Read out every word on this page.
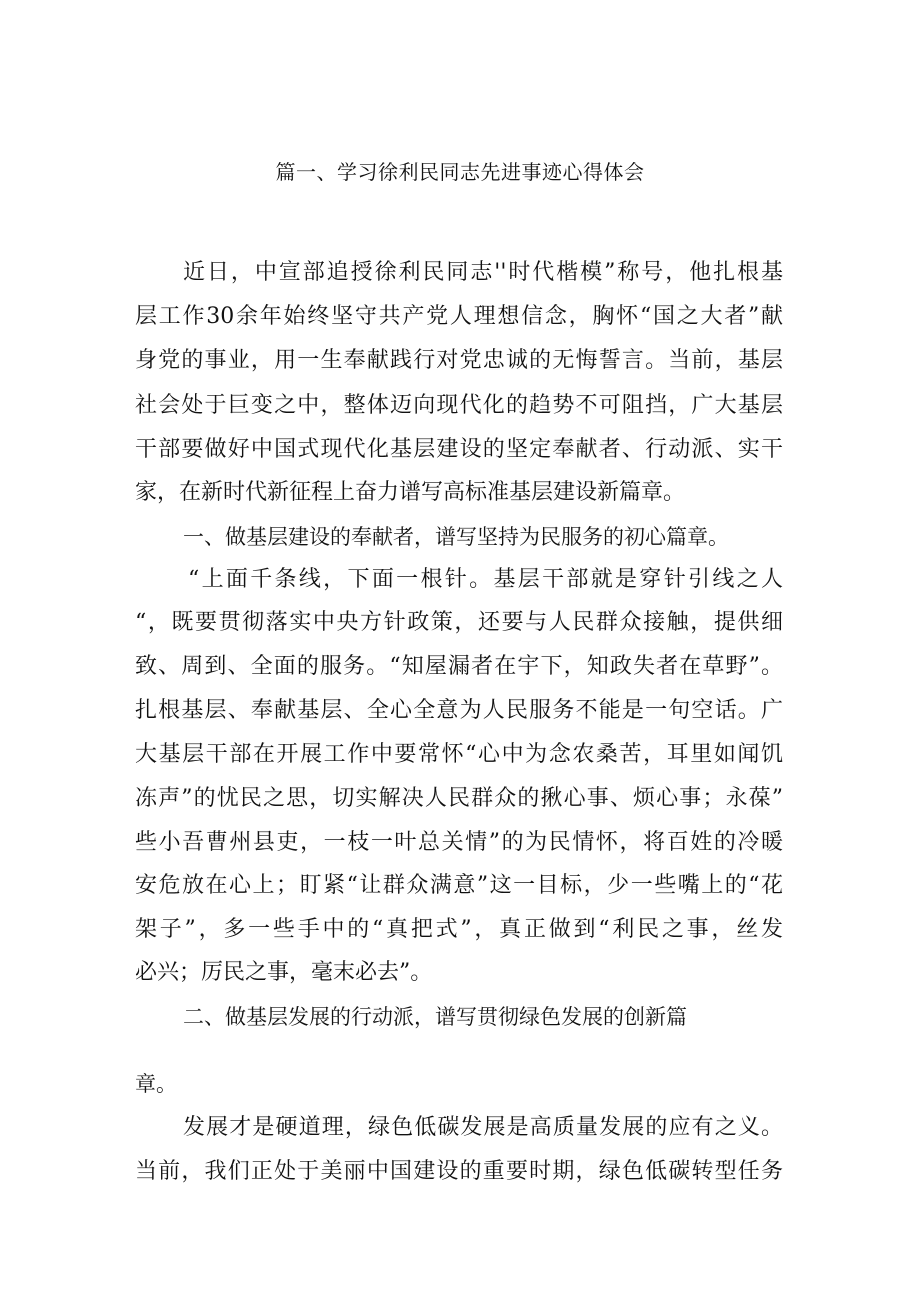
篇一、学习徐利民同志先进事迹心得体会

近日，中宣部追授徐利民同志''时代楷模”称号，他扎根基

层工作30余年始终坚守共产党人理想信念，胸怀“国之大者”献

身党的事业，用一生奉献践行对党忠诚的无悔誓言。当前，基层

社会处于巨变之中，整体迈向现代化的趋势不可阻挡，广大基层

干部要做好中国式现代化基层建设的坚定奉献者、行动派、实干

家，在新时代新征程上奋力谱写高标准基层建设新篇章。

一、做基层建设的奉献者，谱写坚持为民服务的初心篇章。

“上面千条线，下面一根针。基层干部就是穿针引线之人

“，既要贯彻落实中央方针政策，还要与人民群众接触，提供细

致、周到、全面的服务。“知屋漏者在宇下，知政失者在草野”。

扎根基层、奉献基层、全心全意为人民服务不能是一句空话。广

大基层干部在开展工作中要常怀“心中为念农桑苦，耳里如闻饥

冻声”的忧民之思，切实解决人民群众的揪心事、烦心事；永葆”

些小吾曹州县吏，一枝一叶总关情”的为民情怀，将百姓的冷暖

安危放在心上；盯紧“让群众满意”这一目标，少一些嘴上的“花

架子”，多一些手中的“真把式”，真正做到“利民之事，丝发

必兴；厉民之事，毫末必去”。

二、做基层发展的行动派，谱写贯彻绿色发展的创新篇

章。

发展才是硬道理，绿色低碳发展是高质量发展的应有之义。

当前，我们正处于美丽中国建设的重要时期，绿色低碳转型任务
